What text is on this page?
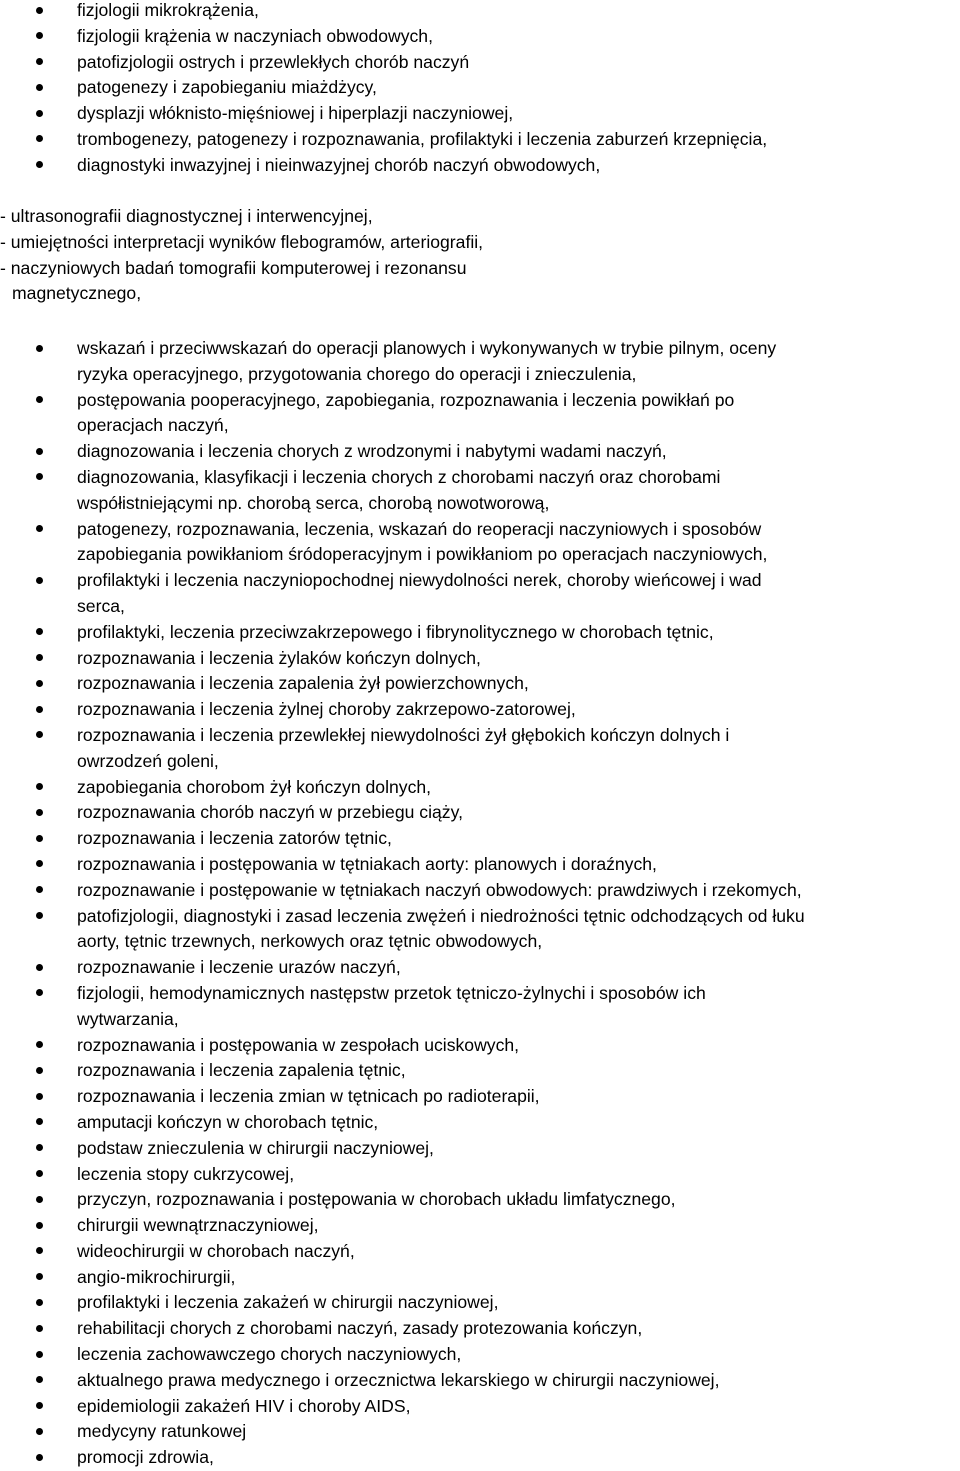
fizjologii mikrokrążenia,
fizjologii krążenia w naczyniach obwodowych,
patofizjologii ostrych i przewlekłych chorób naczyń
patogenezy i zapobieganiu miażdżycy,
dysplazji włóknisto-mięśniowej i hiperplazji naczyniowej,
trombogenezy, patogenezy i rozpoznawania, profilaktyki i leczenia zaburzeń krzepnięcia,
diagnostyki inwazyjnej i nieinwazyjnej chorób naczyń obwodowych,
- ultrasonografii diagnostycznej i interwencyjnej,
- umiejętności interpretacji wyników flebogramów, arteriografii,
- naczyniowych badań tomografii komputerowej i rezonansu
magnetycznego,
wskazań i przeciwwskazań do operacji planowych i wykonywanych w trybie pilnym, oceny
ryzyka operacyjnego, przygotowania chorego do operacji i znieczulenia,
postępowania pooperacyjnego, zapobiegania, rozpoznawania i leczenia powikłań po
operacjach naczyń,
diagnozowania i leczenia chorych z wrodzonymi i nabytymi wadami naczyń,
diagnozowania, klasyfikacji i leczenia chorych z chorobami naczyń oraz chorobami
współistniejącymi np. chorobą serca, chorobą nowotworową,
patogenezy, rozpoznawania, leczenia, wskazań do reoperacji naczyniowych i sposobów
zapobiegania powikłaniom śródoperacyjnym i powikłaniom po operacjach naczyniowych,
profilaktyki i leczenia naczyniopochodnej niewydolności nerek, choroby wieńcowej i wad
serca,
profilaktyki, leczenia przeciwzakrzepowego i fibrynolitycznego w chorobach tętnic,
rozpoznawania i leczenia żylaków kończyn dolnych,
rozpoznawania i leczenia zapalenia żył powierzchownych,
rozpoznawania i leczenia żylnej choroby zakrzepowo-zatorowej,
rozpoznawania i leczenia przewlekłej niewydolności żył głębokich kończyn dolnych i
owrzodzeń goleni,
zapobiegania chorobom żył kończyn dolnych,
rozpoznawania chorób naczyń w przebiegu ciąży,
rozpoznawania i leczenia zatorów tętnic,
rozpoznawania i postępowania w tętniakach aorty: planowych i doraźnych,
rozpoznawanie i postępowanie w tętniakach naczyń obwodowych: prawdziwych i rzekomych,
patofizjologii, diagnostyki i zasad leczenia zwężeń i niedrożności tętnic odchodzących od łuku
aorty, tętnic trzewnych, nerkowych oraz tętnic obwodowych,
rozpoznawanie i leczenie urazów naczyń,
fizjologii, hemodynamicznych następstw przetok tętniczo-żylnychi i sposobów ich
wytwarzania,
rozpoznawania i postępowania w zespołach uciskowych,
rozpoznawania i leczenia zapalenia tętnic,
rozpoznawania i leczenia zmian w tętnicach po radioterapii,
amputacji kończyn w chorobach tętnic,
podstaw znieczulenia w chirurgii naczyniowej,
leczenia stopy cukrzycowej,
przyczyn, rozpoznawania i postępowania w chorobach układu limfatycznego,
chirurgii wewnątrznaczyniowej,
wideochirurgii w chorobach naczyń,
angio-mikrochirurgii,
profilaktyki i leczenia zakażeń w chirurgii naczyniowej,
rehabilitacji chorych z chorobami naczyń, zasady protezowania kończyn,
leczenia zachowawczego chorych naczyniowych,
aktualnego prawa medycznego i orzecznictwa lekarskiego w chirurgii naczyniowej,
epidemiologii zakażeń HIV i choroby AIDS,
medycyny ratunkowej
promocji zdrowia,
